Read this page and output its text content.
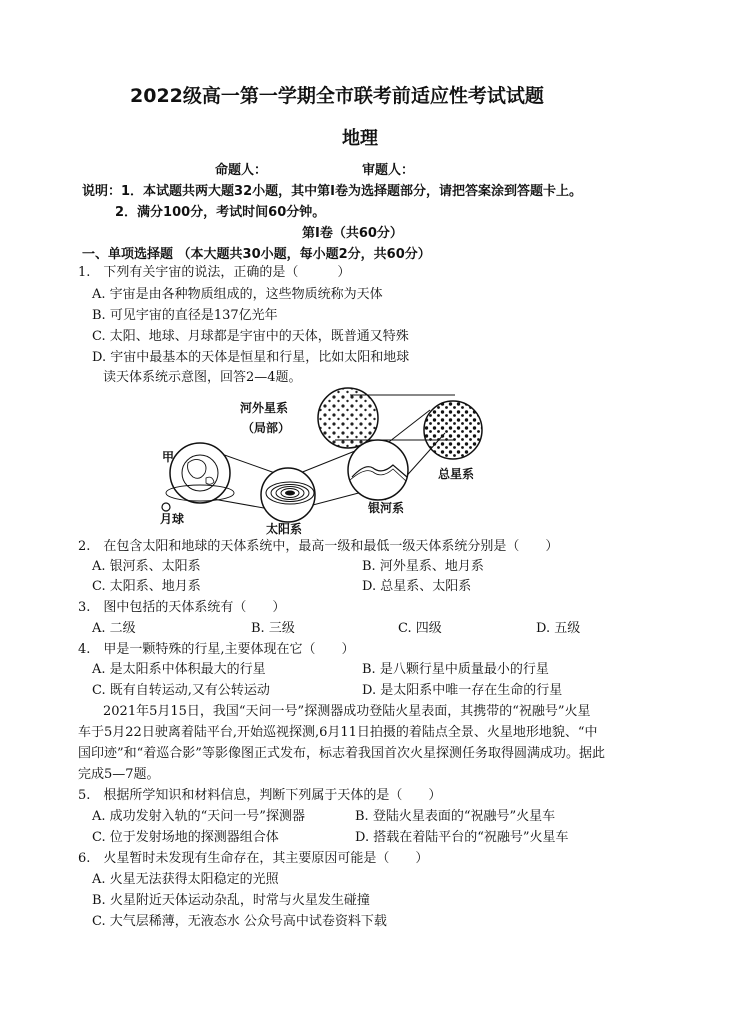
2022级高一第一学期全市联考前适应性考试试题
地理
命题人：	审题人：
说明：1．本试题共两大题32小题，其中第Ⅰ卷为选择题部分，请把答案涂到答题卡上。
2．满分100分，考试时间60分钟。
第Ⅰ卷（共60分）
一、单项选择题 （本大题共30小题，每小题2分，共60分）
1.　下列有关宇宙的说法，正确的是（　　　）
A. 宇宙是由各种物质组成的，这些物质统称为天体
B. 可见宇宙的直径是137亿光年
C. 太阳、地球、月球都是宇宙中的天体，既普通又特殊
D. 宇宙中最基本的天体是恒星和行星，比如太阳和地球
读天体系统示意图，回答2—4题。
河外星系
（局部）
甲
月球
太阳系
银河系
总星系
2.　在包含太阳和地球的天体系统中，最高一级和最低一级天体系统分别是（　　）
A. 银河系、太阳系	B. 河外星系、地月系
C. 太阳系、地月系	D. 总星系、太阳系
3.　图中包括的天体系统有（　　）
A. 二级	B. 三级	C. 四级	D. 五级
4.　甲是一颗特殊的行星,主要体现在它（　　）
A. 是太阳系中体积最大的行星	B. 是八颗行星中质量最小的行星
C. 既有自转运动,又有公转运动	D. 是太阳系中唯一存在生命的行星
2021年5月15日，我国“天问一号”探测器成功登陆火星表面，其携带的“祝融号”火星
车于5月22日驶离着陆平台,开始巡视探测,6月11日拍摄的着陆点全景、火星地形地貌、“中
国印迹”和“着巡合影”等影像图正式发布，标志着我国首次火星探测任务取得圆满成功。据此
完成5—7题。
5.　根据所学知识和材料信息，判断下列属于天体的是（　　）
A. 成功发射入轨的“天问一号”探测器	B. 登陆火星表面的“祝融号”火星车
C. 位于发射场地的探测器组合体	D. 搭载在着陆平台的“祝融号”火星车
6.　火星暂时未发现有生命存在，其主要原因可能是（　　）
A. 火星无法获得太阳稳定的光照
B. 火星附近天体运动杂乱，时常与火星发生碰撞
C. 大气层稀薄，无液态水 公众号高中试卷资料下载
